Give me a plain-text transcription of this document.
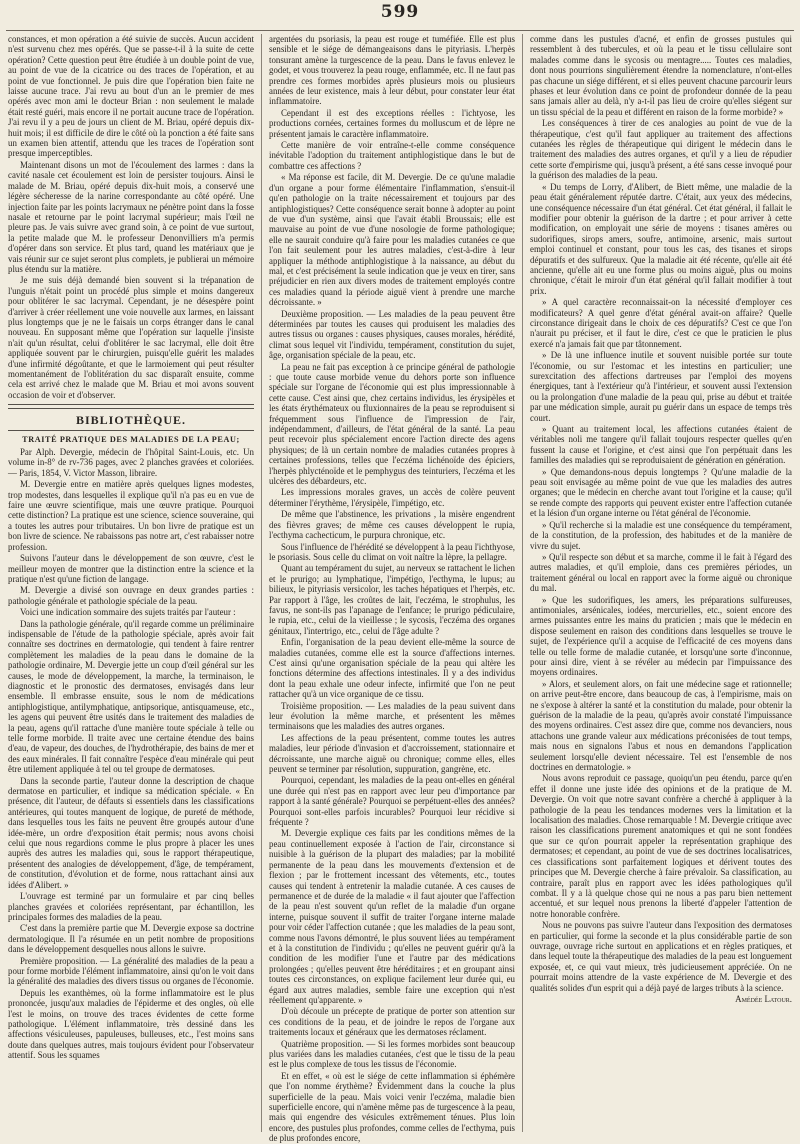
599

constances, et mon opération a été suivie de succès. Aucun accident n'est survenu chez mes opérés. Que se passe-t-il à la suite de cette opération? Cette question peut être étudiée à un double point de vue, au point de vue de la cicatrice ou des traces de l'opération, et au point de vue fonctionnel. Je puis dire que l'opération bien faite ne laisse aucune trace. J'ai revu au bout d'un an le premier de mes opérés avec mon ami le docteur Brian : non seulement le malade était resté guéri, mais encore il ne portait aucune trace de l'opération. J'ai revu il y a peu de jours un client de M. Briau, opéré depuis dix-huit mois; il est difficile de dire le côté où la ponction a été faite sans un examen bien attentif, attendu que les traces de l'opération sont presque imperceptibles.

Maintenant disons un mot de l'écoulement des larmes : dans la cavité nasale cet écoulement est loin de persister toujours. Ainsi le malade de M. Briau, opéré depuis dix-huit mois, a conservé une légère sécheresse de la narine correspondante au côté opéré. Une injection faite par les points lacrymaux ne pénètre point dans la fosse nasale et retourne par le point lacrymal supérieur; mais l'œil ne pleure pas. Je vais suivre avec grand soin, à ce point de vue surtout, la petite malade que M. le professeur Denonvilliers m'a permis d'opérer dans son service. Et plus tard, quand les matériaux que je vais réunir sur ce sujet seront plus complets, je publierai un mémoire plus étendu sur la matière.

Je me suis déjà demandé bien souvent si la trépanation de l'unguis n'était point un procédé plus simple et moins dangereux pour oblitérer le sac lacrymal. Cependant, je ne désespère point d'arriver à créer réellement une voie nouvelle aux larmes, en laissant plus longtemps que je ne le faisais un corps étranger dans le canal nouveau. En supposant même que l'opération sur laquelle j'insiste n'ait qu'un résultat, celui d'oblitérer le sac lacrymal, elle doit être appliquée souvent par le chirurgien, puisqu'elle guérit les malades d'une infirmité dégoûtante, et que le larmoiement qui peut résulter momentanément de l'oblitération du sac disparaît ensuite, comme cela est arrivé chez le malade que M. Briau et moi avons souvent occasion de voir et d'observer.

BIBLIOTHÈQUE.
TRAITÉ PRATIQUE DES MALADIES DE LA PEAU;

Par Alph. Devergie, médecin de l'hôpital Saint-Louis, etc. Un volume in-8° de rv-736 pages, avec 2 planches gravées et coloriées.— Paris, 1854, V. Victor Masson, libraire.

M. Devergie entre en matière après quelques lignes modestes, trop modestes, dans lesquelles il explique qu'il n'a pas eu en vue de faire une œuvre scientifique, mais une œuvre pratique. Pourquoi cette distinction? La pratique est une science, science souveraine, qui a toutes les autres pour tributaires. Un bon livre de pratique est un bon livre de science. Ne rabaissons pas notre art, c'est rabaisser notre profession.

Suivons l'auteur dans le développement de son œuvre, c'est le meilleur moyen de montrer que la distinction entre la science et la pratique n'est qu'une fiction de langage.

M. Devergie a divisé son ouvrage en deux grandes parties : pathologie générale et pathologie spéciale de la peau.

Voici une indication sommaire des sujets traités par l'auteur :

Dans la pathologie générale, qu'il regarde comme un préliminaire indispensable de l'étude de la pathologie spéciale, après avoir fait connaître ses doctrines en dermatologie, qui tendent à faire rentrer complètement les maladies de la peau dans le domaine de la pathologie ordinaire, M. Devergie jette un coup d'œil général sur les causes, le mode de développement, la marche, la terminaison, le diagnostic et le pronostic des dermatoses, envisagés dans leur ensemble. Il embrasse ensuite, sous le nom de médications antiphlogistique, antilymphatique, antipsorique, antisquameuse, etc., les agens qui peuvent être usités dans le traitement des maladies de la peau, agens qu'il rattache d'une manière toute spéciale à telle ou telle forme morbide. Il traite avec une certaine étendue des bains d'eau, de vapeur, des douches, de l'hydrothérapie, des bains de mer et des eaux minérales. Il fait connaître l'espèce d'eau minérale qui peut être utilement appliquée à tel ou tel groupe de dermatoses.

Dans la seconde partie, l'auteur donne la description de chaque dermatose en particulier, et indique sa médication spéciale. « En présence, dit l'auteur, de défauts si essentiels dans les classifications antérieures, qui toutes manquent de logique, de pureté de méthode, dans lesquelles tous les faits ne peuvent être groupés autour d'une idée-mère, un ordre d'exposition était permis; nous avons choisi celui que nous regardions comme le plus propre à placer les unes auprès des autres les maladies qui, sous le rapport thérapeutique, présentent des analogies de développement, d'âge, de tempérament, de constitution, d'évolution et de forme, nous rattachant ainsi aux idées d'Alibert. »

L'ouvrage est terminé par un formulaire et par cinq belles planches gravées et coloriées représentant, par échantillon, les principales formes des maladies de la peau.

C'est dans la première partie que M. Devergie expose sa doctrine dermatologique. Il l'a résumée en un petit nombre de propositions dans le développement desquelles nous allons le suivre.

Première proposition. — La généralité des maladies de la peau a pour forme morbide l'élément inflammatoire, ainsi qu'on le voit dans la généralité des maladies des divers tissus ou organes de l'économie.

Depuis les exanthèmes, où la forme inflammatoire est le plus prononcée, jusqu'aux maladies de l'épiderme et des ongles, où elle l'est le moins, on trouve des traces évidentes de cette forme pathologique. L'élément inflammatoire, très dessiné dans les affections vésiculeuses, papuleuses, bulleuses, etc., l'est moins sans doute dans quelques autres, mais toujours évident pour l'observateur attentif. Sous les squames

argentées du psoriasis, la peau est rouge et tuméfiée. Elle est plus sensible et le siége de démangeaisons dans le pityriasis. L'herpès tonsurant amène la turgescence de la peau. Dans le favus enlevez le godet, et vous trouverez la peau rouge, enflammée, etc. Il ne faut pas prendre ces formes morbides après plusieurs mois ou plusieurs années de leur existence, mais à leur début, pour constater leur état inflammatoire.

Cependant il est des exceptions réelles : l'ichtyose, les productions cornées, certaines formes du molluscum et de lèpre ne présentent jamais le caractère inflammatoire.

Cette manière de voir entraîne-t-elle comme conséquence inévitable l'adoption du traitement antiphlogistique dans le but de combattre ces affections ?

« Ma réponse est facile, dit M. Devergie. De ce qu'une maladie d'un organe a pour forme élémentaire l'inflammation, s'ensuit-il qu'en pathologie on la traite nécessairement et toujours par des antiphlogistiques? Cette conséquence serait bonne à adopter au point de vue d'un système, ainsi que l'avait établi Broussais; elle est mauvaise au point de vue d'une nosologie de forme pathologique; elle ne saurait conduire qu'à faire pour les maladies cutanées ce que l'on fait seulement pour les autres maladies, c'est-à-dire à leur appliquer la méthode antiphlogistique à la naissance, au début du mal, et c'est précisément la seule indication que je veux en tirer, sans préjudicier en rien aux divers modes de traitement employés contre ces maladies quand la période aiguë vient à prendre une marche décroissante. »

Deuxième proposition. — Les maladies de la peau peuvent être déterminées par toutes les causes qui produisent les maladies des autres tissus ou organes : causes physiques, causes morales, hérédité, climat sous lequel vit l'individu, tempérament, constitution du sujet, âge, organisation spéciale de la peau, etc.

La peau ne fait pas exception à ce principe général de pathologie : que toute cause morbide venue du dehors porte son influence spéciale sur l'organe de l'économie qui est plus impressionnable à cette cause. C'est ainsi que, chez certains individus, les érysipèles et les états érythémateux ou fluxionnaires de la peau se reproduisent si fréquemment sous l'influence de l'impression de l'air, indépendamment, d'ailleurs, de l'état général de la santé. La peau peut recevoir plus spécialement encore l'action directe des agens physiques; de là un certain nombre de maladies cutanées propres à certaines professions, telles que l'eczéma lichénoïde des épiciers, l'herpès phlycténoïde et le pemphygus des teinturiers, l'eczéma et les ulcères des débardeurs, etc.

Les impressions morales graves, un accès de colère peuvent déterminer l'érythème, l'érysipèle, l'impétigo, etc.

De même que l'abstinence, les privations , la misère engendrent des fièvres graves; de même ces causes développent le rupia, l'ecthyma cachecticum, le purpura chronique, etc.

Sous l'influence de l'hérédité se développent à la peau l'ichthyose, le psoriasis. Sous celle du climat on voit naître la lèpre, la pellagre.

Quant au tempérament du sujet, au nerveux se rattachent le lichen et le prurigo; au lymphatique, l'impétigo, l'ecthyma, le lupus; au bilieux, le pityriasis versicolor, les taches hépatiques et l'herpès, etc. Par rapport à l'âge, les croûtes de lait, l'eczéma, le strophulus, les favus, ne sont-ils pas l'apanage de l'enfance; le prurigo pédiculaire, le rupia, etc., celui de la vieillesse ; le sycosis, l'eczéma des organes génitaux, l'intertrigo, etc., celui de l'âge adulte ?

Enfin, l'organisation de la peau devient elle-même la source de maladies cutanées, comme elle est la source d'affections internes. C'est ainsi qu'une organisation spéciale de la peau qui altère les fonctions détermine des affections intestinales. Il y a des individus dont la peau exhale une odeur infecte, infirmité que l'on ne peut rattacher qu'à un vice organique de ce tissu.

Troisième proposition. — Les maladies de la peau suivent dans leur évolution la même marche, et présentent les mêmes terminaisons que les maladies des autres organes.

Les affections de la peau présentent, comme toutes les autres maladies, leur période d'invasion et d'accroissement, stationnaire et décroissante, une marche aiguë ou chronique; comme elles, elles peuvent se terminer par résolution, suppuration, gangrène, etc.

Pourquoi, cependant, les maladies de la peau ont-elles en général une durée qui n'est pas en rapport avec leur peu d'importance par rapport à la santé générale? Pourquoi se perpétuent-elles des années? Pourquoi sont-elles parfois incurables? Pourquoi leur récidive si fréquente ?

M. Devergie explique ces faits par les conditions mêmes de la peau continuellement exposée à l'action de l'air, circonstance si nuisible à la guérison de la plupart des maladies; par la mobilité permanente de la peau dans les mouvements d'extension et de flexion ; par le frottement incessant des vêtements, etc., toutes causes qui tendent à entretenir la maladie cutanée. A ces causes de permanence et de durée de la maladie « il faut ajouter que l'affection de la peau n'est souvent qu'un reflet de la maladie d'un organe interne, puisque souvent il suffit de traiter l'organe interne malade pour voir céder l'affection cutanée ; que les maladies de la peau sont, comme nous l'avons démontré, le plus souvent liées au tempérament et à la constitution de l'individu ; qu'elles ne peuvent guérir qu'à la condition de les modifier l'une et l'autre par des médications prolongées ; qu'elles peuvent être héréditaires ; et en groupant ainsi toutes ces circonstances, on explique facilement leur durée qui, eu égard aux autres maladies, semble faire une exception qui n'est réellement qu'apparente. »

D'où découle un précepte de pratique de porter son attention sur ces conditions de la peau, et de joindre le repos de l'organe aux traitements locaux et généraux que les dermatoses réclament.

Quatrième proposition. — Si les formes morbides sont beaucoup plus variées dans les maladies cutanées, c'est que le tissu de la peau est le plus complexe de tous les tissus de l'économie.

Et en effet, « où est le siége de cette inflammation si éphémère que l'on nomme érythème? Évidemment dans la couche la plus superficielle de la peau. Mais voici venir l'eczéma, maladie bien superficielle encore, qui n'amène même pas de turgescence à la peau, mais qui engendre des vésicules extrêmement ténues. Plus loin encore, des pustules plus profondes, comme celles de l'ecthyma, puis de plus profondes encore,

comme dans les pustules d'acné, et enfin de grosses pustules qui ressemblent à des tubercules, et où la peau et le tissu cellulaire sont malades comme dans le sycosis ou mentagre..... Toutes ces maladies, dont nous pourrions singulièrement étendre la nomenclature, n'ont-elles pas chacune un siége différent, et si elles peuvent chacune parcourir leurs phases et leur évolution dans ce point de profondeur donnée de la peau sans jamais aller au delà, n'y a-t-il pas lieu de croire qu'elles siégent sur un tissu spécial de la peau et différent en raison de la forme morbide? »

Les conséquences à tirer de ces analogies au point de vue de la thérapeutique, c'est qu'il faut appliquer au traitement des affections cutanées les règles de thérapeutique qui dirigent le médecin dans le traitement des maladies des autres organes, et qu'il y a lieu de répudier cette sorte d'empirisme qui, jusqu'à présent, a été sans cesse invoqué pour la guérison des maladies de la peau.

« Du temps de Lorry, d'Alibert, de Biett même, une maladie de la peau était généralement réputée dartre. C'était, aux yeux des médecins, une conséquence nécessaire d'un état général. Cet état général, il fallait le modifier pour obtenir la guérison de la dartre ; et pour arriver à cette modification, on employait une série de moyens : tisanes amères ou sudorifiques, sirops amers, soufre, antimoine, arsenic, mais surtout emploi continuel et constant, pour tous les cas, des tisanes et sirops dépuratifs et des sulfureux. Que la maladie ait été récente, qu'elle ait été ancienne, qu'elle ait eu une forme plus ou moins aiguë, plus ou moins chronique, c'était le miroir d'un état général qu'il fallait modifier à tout prix.

» A quel caractère reconnaissait-on la nécessité d'employer ces modificateurs? A quel genre d'état général avait-on affaire? Quelle circonstance dirigeait dans le choix de ces dépuratifs? C'est ce que l'on n'aurait pu préciser, et il faut le dire, c'est ce que le praticien le plus exercé n'a jamais fait que par tâtonnement.

» De là une influence inutile et souvent nuisible portée sur toute l'économie, ou sur l'estomac et les intestins en particulier; une surexcitation des affections dartreuses par l'emploi des moyens énergiques, tant à l'extérieur qu'à l'intérieur, et souvent aussi l'extension ou la prolongation d'une maladie de la peau qui, prise au début et traitée par une médication simple, aurait pu guérir dans un espace de temps très court.

» Quant au traitement local, les affections cutanées étaient de véritables noli me tangere qu'il fallait toujours respecter quelles qu'en fussent la cause et l'origine, et c'est ainsi que l'on perpétuait dans les familles des maladies qui se reproduisaient de génération en génération.

» Que demandons-nous depuis longtemps ? Qu'une maladie de la peau soit envisagée au même point de vue que les maladies des autres organes; que le médecin en cherche avant tout l'origine et la cause; qu'il se rende compte des rapports qui peuvent exister entre l'affection cutanée et la lésion d'un organe interne ou l'état général de l'économie.

» Qu'il recherche si la maladie est une conséquence du tempérament, de la constitution, de la profession, des habitudes et de la manière de vivre du sujet.

» Qu'il respecte son début et sa marche, comme il le fait à l'égard des autres maladies, et qu'il emploie, dans ces premières périodes, un traitement général ou local en rapport avec la forme aiguë ou chronique du mal.

» Que les sudorifiques, les amers, les préparations sulfureuses, antimoniales, arsénicales, iodées, mercurielles, etc., soient encore des armes puissantes entre les mains du praticien ; mais que le médecin en dispose seulement en raison des conditions dans lesquelles se trouve le sujet, de l'expérience qu'il a acquise de l'efficacité de ces moyens dans telle ou telle forme de maladie cutanée, et lorsqu'une sorte d'inconnue, pour ainsi dire, vient à se révéler au médecin par l'impuissance des moyens ordinaires.

» Alors, et seulement alors, on fait une médecine sage et rationnelle; on arrive peut-être encore, dans beaucoup de cas, à l'empirisme, mais on ne s'expose à altérer la santé et la constitution du malade, pour obtenir la guérison de la maladie de la peau, qu'après avoir constaté l'impuissance des moyens ordinaires. C'est assez dire que, comme nos devanciers, nous attachons une grande valeur aux médications préconisées de tout temps, mais nous en signalons l'abus et nous en demandons l'application seulement lorsqu'elle devient nécessaire. Tel est l'ensemble de nos doctrines en dermatologie. »

Nous avons reproduit ce passage, quoiqu'un peu étendu, parce qu'en effet il donne une juste idée des opinions et de la pratique de M. Devergie. On voit que notre savant confrère a cherché à appliquer à la pathologie de la peau les tendances modernes vers la limitation et la localisation des maladies. Chose remarquable ! M. Devergie critique avec raison les classifications purement anatomiques et qui ne sont fondées que sur ce qu'on pourrait appeler la représentation graphique des dermatoses; et cependant, au point de vue de ses doctrines localisatrices, ces classifications sont parfaitement logiques et dérivent toutes des principes que M. Devergie cherche à faire prévaloir. Sa classification, au contraire, paraît plus en rapport avec les idées pathologiques qu'il combat. Il y a là quelque chose qui ne nous a pas paru bien nettement accentué, et sur lequel nous prenons la liberté d'appeler l'attention de notre honorable confrère.

Nous ne pouvons pas suivre l'auteur dans l'exposition des dermatoses en particulier, qui forme la seconde et la plus considérable partie de son ouvrage, ouvrage riche surtout en applications et en règles pratiques, et dans lequel toute la thérapeutique des maladies de la peau est longuement exposée, et, ce qui vaut mieux, très judicieusement appréciée. On ne pourrait moins attendre de la vaste expérience de M. Devergie et des qualités solides d'un esprit qui a déjà payé de larges tributs à la science.

Amédée Latour.
